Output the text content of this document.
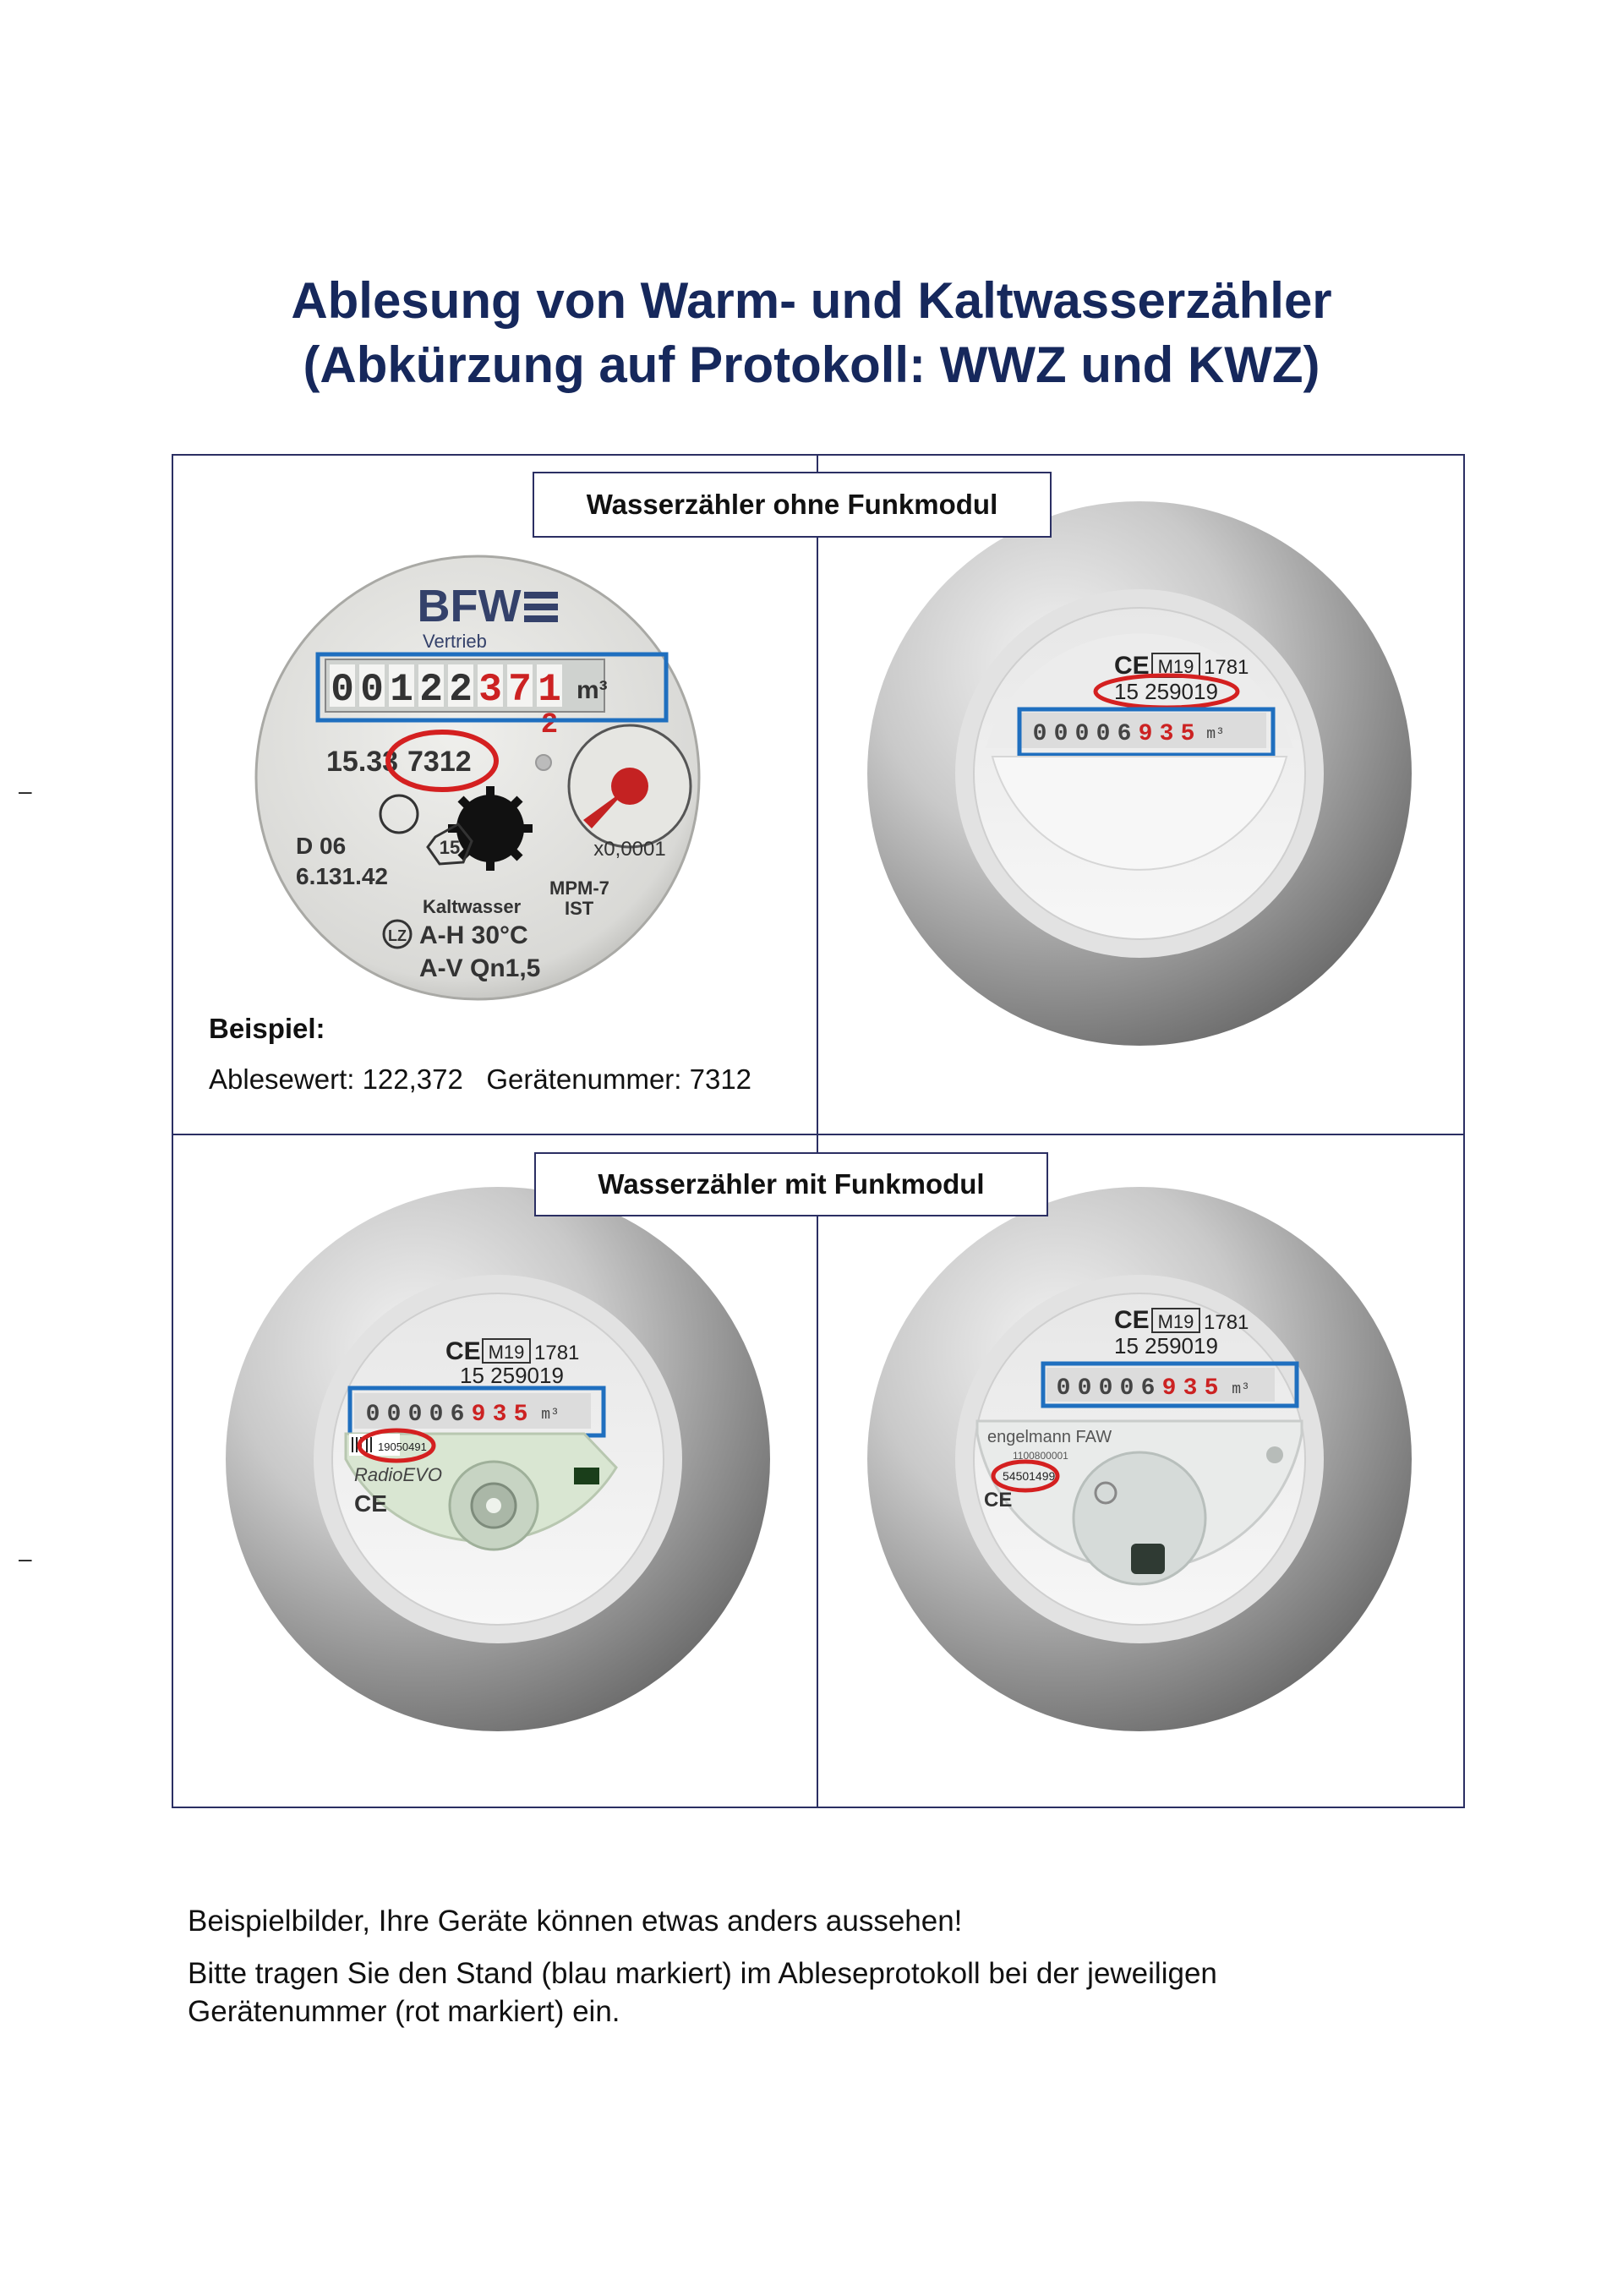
Ablesung von Warm- und Kaltwasserzähler
(Abkürzung auf Protokoll: WWZ und KWZ)
BFW
Vertrieb
0 0 1 2 2 3 7 1
2
m³
15.33 7312
x0,0001
15
D 06
6.131.42
Kaltwasser
MPM-7
IST
LZ A-H 30°C
A-V Qn1,5
Beispiel:
Ablesewert: 122,372   Gerätenummer: 7312
CE M19 1781
15 259019
0 0 0 0 6 9 3 5 m³
CE M19 1781
15 259019
0 0 0 0 6 9 3 5 m³
19050491
RadioEVO
CE
CE M19 1781
15 259019
0 0 0 0 6 9 3 5 m³
engelmann FAW
1100800001
54501499
CE
Wasserzähler ohne Funkmodul
Wasserzähler mit Funkmodul
–
–
Beispielbilder, Ihre Geräte können etwas anders aussehen!
Bitte tragen Sie den Stand (blau markiert) im Ableseprotokoll bei der jeweiligen
Gerätenummer (rot markiert) ein.
